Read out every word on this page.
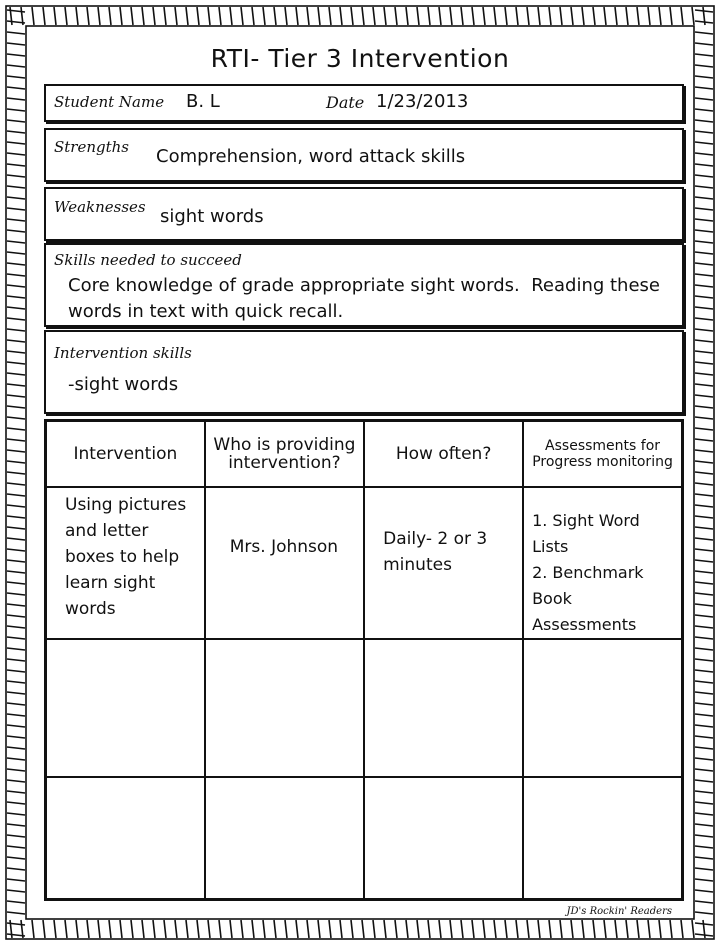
RTI- Tier 3 Intervention
Student Name B. L	Date 1/23/2013
Strengths Comprehension, word attack skills
Weaknesses sight words
Skills needed to succeed
Core knowledge of grade appropriate sight words.  Reading these
words in text with quick recall.
Intervention skills
-sight words
Intervention	Who is providing intervention?	How often?	Assessments for Progress monitoring

Using pictures and letter boxes to help learn sight words	Mrs. Johnson	Daily- 2 or 3 minutes	1. Sight Word Lists
2. Benchmark Book Assessments

JD's Rockin' Readers
